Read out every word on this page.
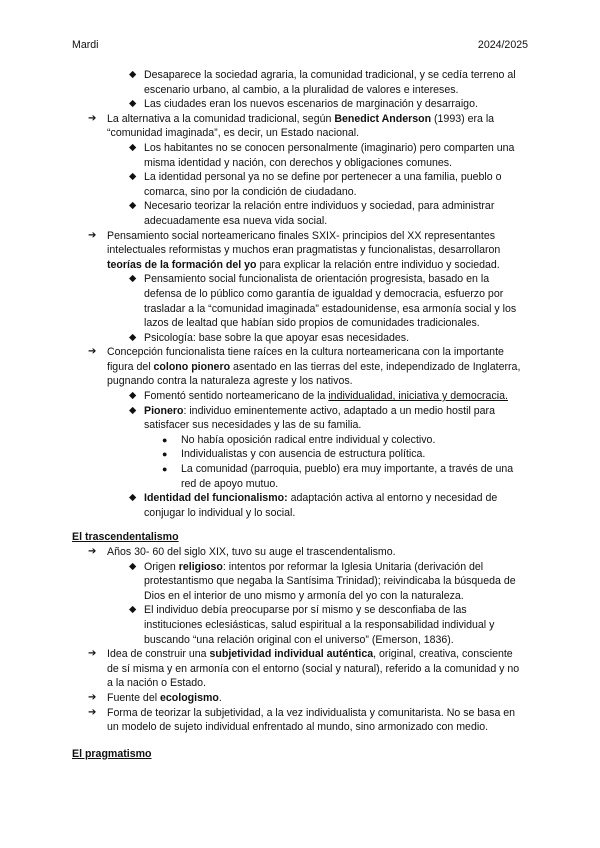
Mardi	2024/2025
◆ Desaparece la sociedad agraria, la comunidad tradicional, y se cedía terreno al escenario urbano, al cambio, a la pluralidad de valores e intereses.
◆ Las ciudades eran los nuevos escenarios de marginación y desarraigo.
➔ La alternativa a la comunidad tradicional, según Benedict Anderson (1993) era la “comunidad imaginada”, es decir, un Estado nacional.
◆ Los habitantes no se conocen personalmente (imaginario) pero comparten una misma identidad y nación, con derechos y obligaciones comunes.
◆ La identidad personal ya no se define por pertenecer a una familia, pueblo o comarca, sino por la condición de ciudadano.
◆ Necesario teorizar la relación entre individuos y sociedad, para administrar adecuadamente esa nueva vida social.
➔ Pensamiento social norteamericano finales SXIX- principios del XX representantes intelectuales reformistas y muchos eran pragmatistas y funcionalistas, desarrollaron teorías de la formación del yo para explicar la relación entre individuo y sociedad.
◆ Pensamiento social funcionalista de orientación progresista, basado en la defensa de lo público como garantía de igualdad y democracia, esfuerzo por trasladar a la “comunidad imaginada” estadounidense, esa armonía social y los lazos de lealtad que habían sido propios de comunidades tradicionales.
◆ Psicología: base sobre la que apoyar esas necesidades.
➔ Concepción funcionalista tiene raíces en la cultura norteamericana con la importante figura del colono pionero asentado en las tierras del este, independizado de Inglaterra, pugnando contra la naturaleza agreste y los nativos.
◆ Fomentó sentido norteamericano de la individualidad, iniciativa y democracia.
◆ Pionero: individuo eminentemente activo, adaptado a un medio hostil para satisfacer sus necesidades y las de su familia.
● No había oposición radical entre individual y colectivo.
● Individualistas y con ausencia de estructura política.
● La comunidad (parroquia, pueblo) era muy importante, a través de una red de apoyo mutuo.
◆ Identidad del funcionalismo: adaptación activa al entorno y necesidad de conjugar lo individual y lo social.
El trascendentalismo
➔ Años 30- 60 del siglo XIX, tuvo su auge el trascendentalismo.
◆ Origen religioso: intentos por reformar la Iglesia Unitaria (derivación del protestantismo que negaba la Santísima Trinidad); reivindicaba la búsqueda de Dios en el interior de uno mismo y armonía del yo con la naturaleza.
◆ El individuo debía preocuparse por sí mismo y se desconfiaba de las instituciones eclesiásticas, salud espiritual a la responsabilidad individual y buscando “una relación original con el universo” (Emerson, 1836).
➔ Idea de construir una subjetividad individual auténtica, original, creativa, consciente de sí misma y en armonía con el entorno (social y natural), referido a la comunidad y no a la nación o Estado.
➔ Fuente del ecologismo.
➔ Forma de teorizar la subjetividad, a la vez individualista y comunitarista. No se basa en un modelo de sujeto individual enfrentado al mundo, sino armonizado con medio.
El pragmatismo
